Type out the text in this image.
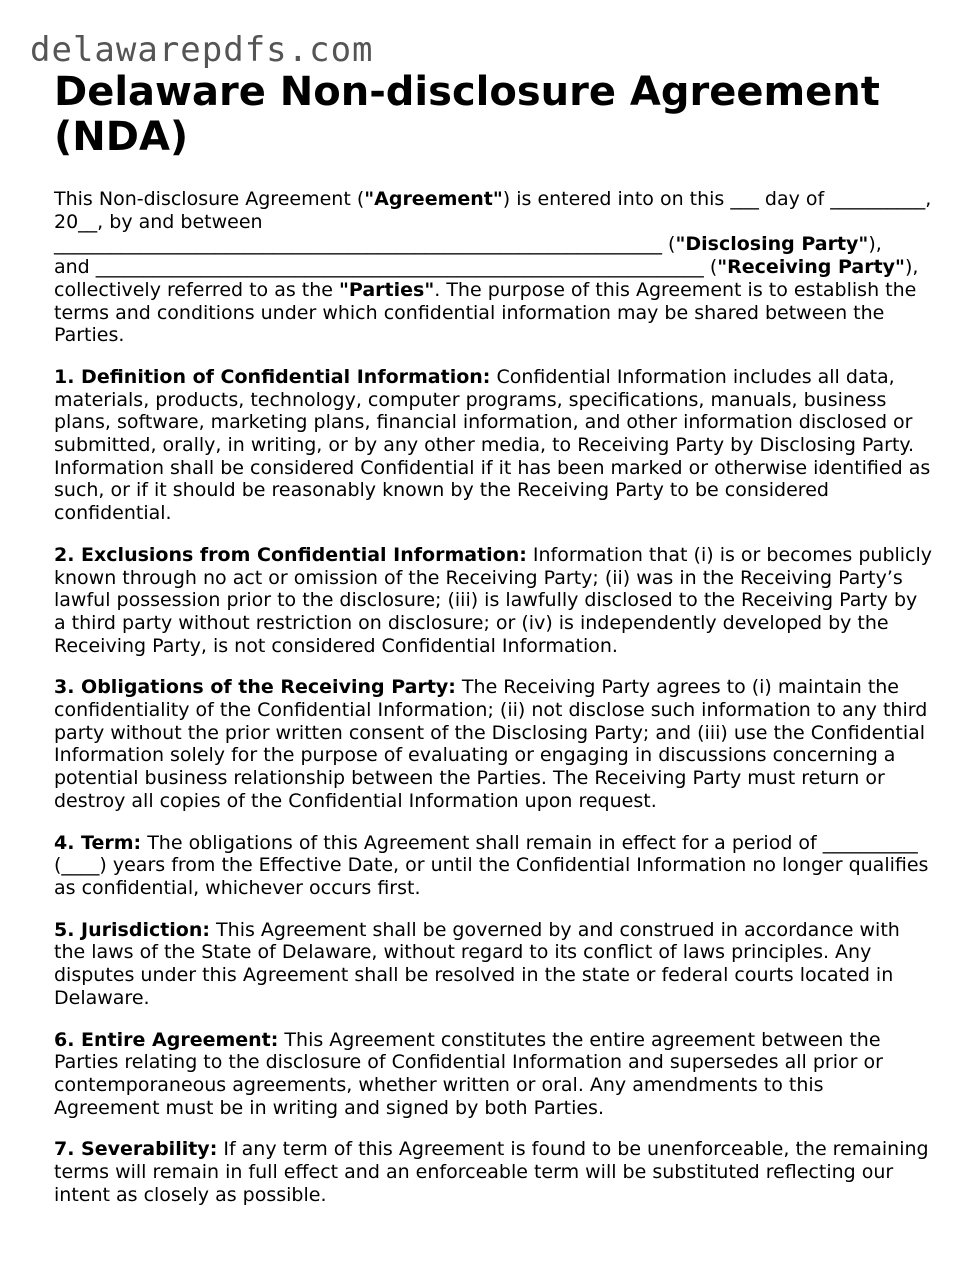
delawarepdfs.com
Delaware Non-disclosure Agreement (NDA)
This Non-disclosure Agreement ("Agreement") is entered into on this ___ day of __________, 20__, by and between
________________________________________________________________ ("Disclosing Party"),
and ________________________________________________________________ ("Receiving Party"), collectively referred to as the "Parties". The purpose of this Agreement is to establish the terms and conditions under which confidential information may be shared between the Parties.
1. Definition of Confidential Information: Confidential Information includes all data, materials, products, technology, computer programs, specifications, manuals, business plans, software, marketing plans, financial information, and other information disclosed or submitted, orally, in writing, or by any other media, to Receiving Party by Disclosing Party. Information shall be considered Confidential if it has been marked or otherwise identified as such, or if it should be reasonably known by the Receiving Party to be considered confidential.
2. Exclusions from Confidential Information: Information that (i) is or becomes publicly known through no act or omission of the Receiving Party; (ii) was in the Receiving Party’s lawful possession prior to the disclosure; (iii) is lawfully disclosed to the Receiving Party by a third party without restriction on disclosure; or (iv) is independently developed by the Receiving Party, is not considered Confidential Information.
3. Obligations of the Receiving Party: The Receiving Party agrees to (i) maintain the confidentiality of the Confidential Information; (ii) not disclose such information to any third party without the prior written consent of the Disclosing Party; and (iii) use the Confidential Information solely for the purpose of evaluating or engaging in discussions concerning a potential business relationship between the Parties. The Receiving Party must return or destroy all copies of the Confidential Information upon request.
4. Term: The obligations of this Agreement shall remain in effect for a period of __________ (____) years from the Effective Date, or until the Confidential Information no longer qualifies as confidential, whichever occurs first.
5. Jurisdiction: This Agreement shall be governed by and construed in accordance with the laws of the State of Delaware, without regard to its conflict of laws principles. Any disputes under this Agreement shall be resolved in the state or federal courts located in Delaware.
6. Entire Agreement: This Agreement constitutes the entire agreement between the Parties relating to the disclosure of Confidential Information and supersedes all prior or contemporaneous agreements, whether written or oral. Any amendments to this Agreement must be in writing and signed by both Parties.
7. Severability: If any term of this Agreement is found to be unenforceable, the remaining terms will remain in full effect and an enforceable term will be substituted reflecting our intent as closely as possible.
